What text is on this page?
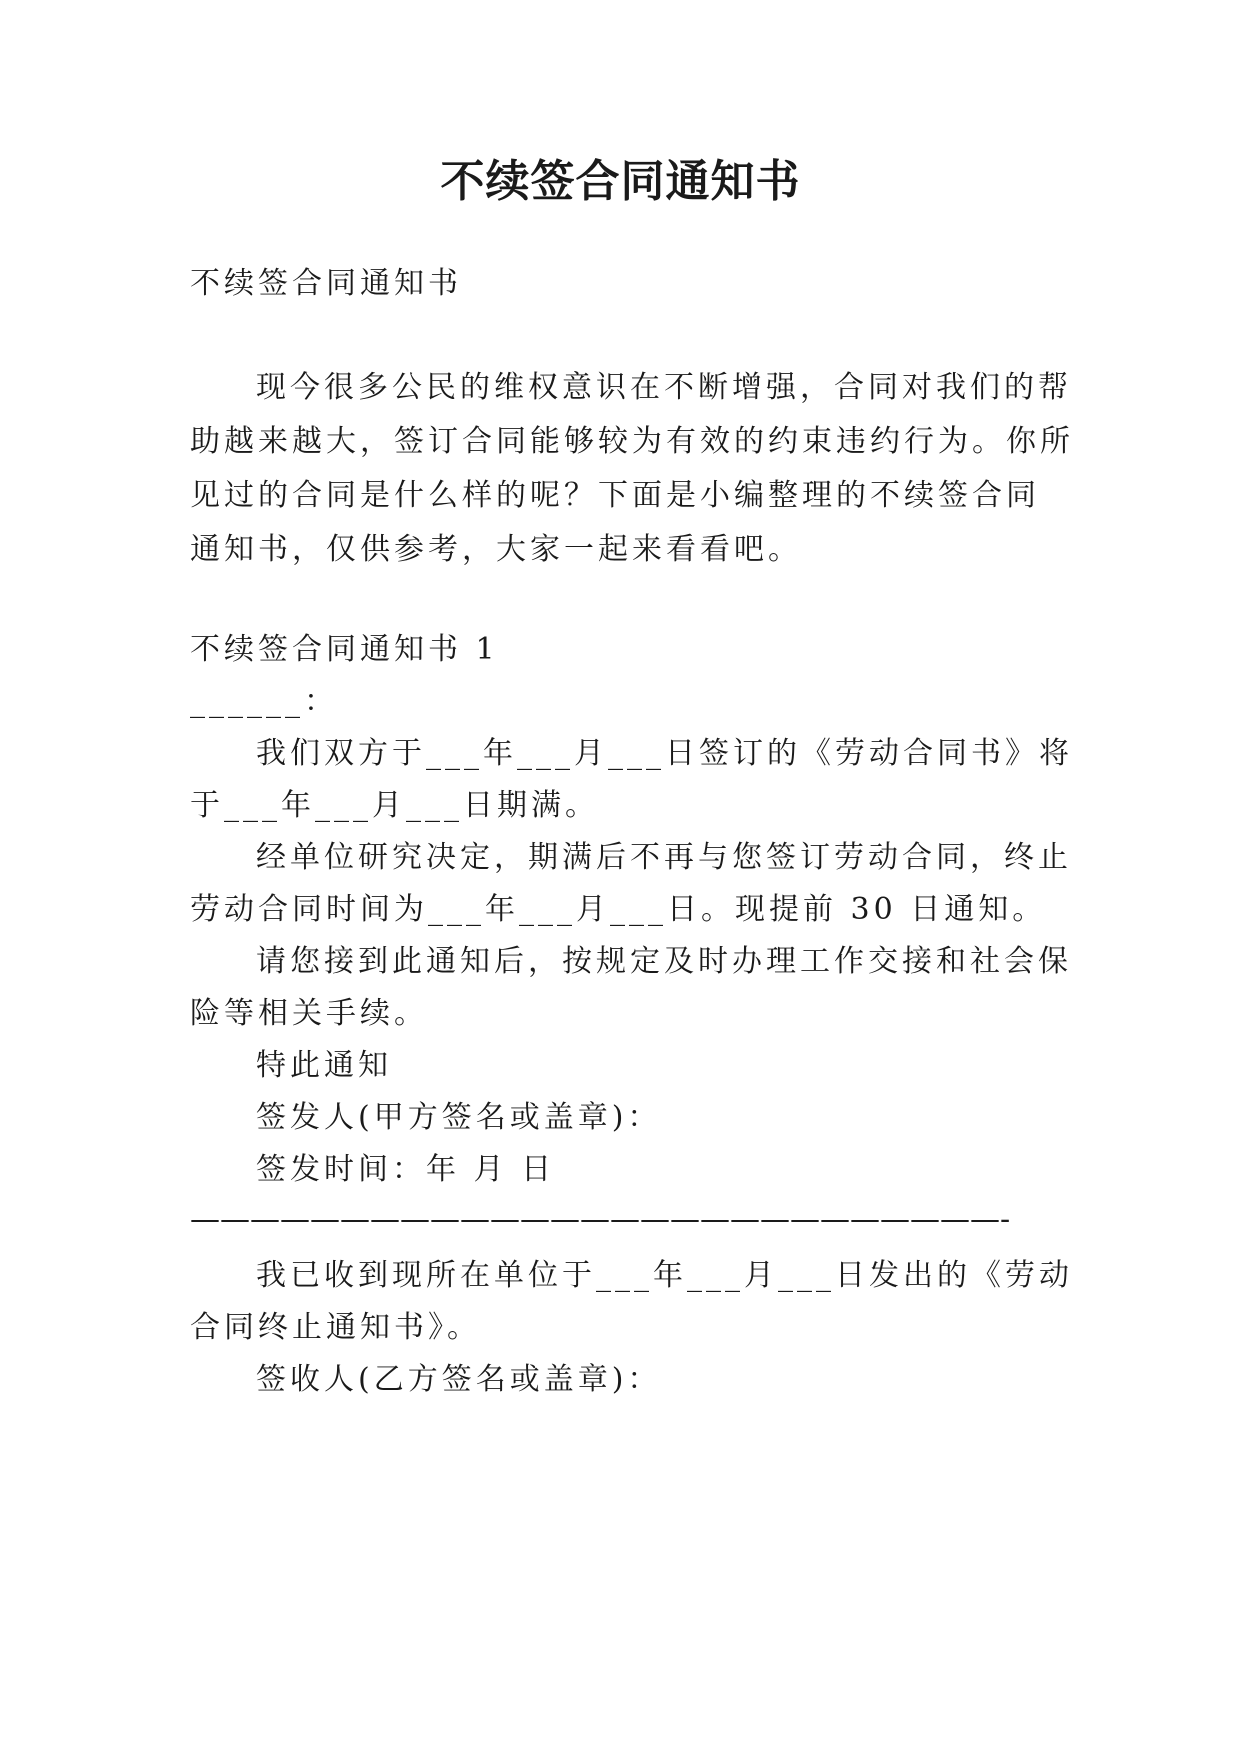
不续签合同通知书
不续签合同通知书
现今很多公民的维权意识在不断增强，合同对我们的帮
助越来越大，签订合同能够较为有效的约束违约行为。你所
见过的合同是什么样的呢？下面是小编整理的不续签合同
通知书，仅供参考，大家一起来看看吧。
不续签合同通知书 1
______：
我们双方于___年___月___日签订的《劳动合同书》将
于___年___月___日期满。
经单位研究决定，期满后不再与您签订劳动合同，终止
劳动合同时间为___年___月___日。现提前 30 日通知。
请您接到此通知后，按规定及时办理工作交接和社会保
险等相关手续。
特此通知
签发人(甲方签名或盖章)：
签发时间：年 月 日
———————————————————————————-
我已收到现所在单位于___年___月___日发出的《劳动
合同终止通知书》。
签收人(乙方签名或盖章)：
